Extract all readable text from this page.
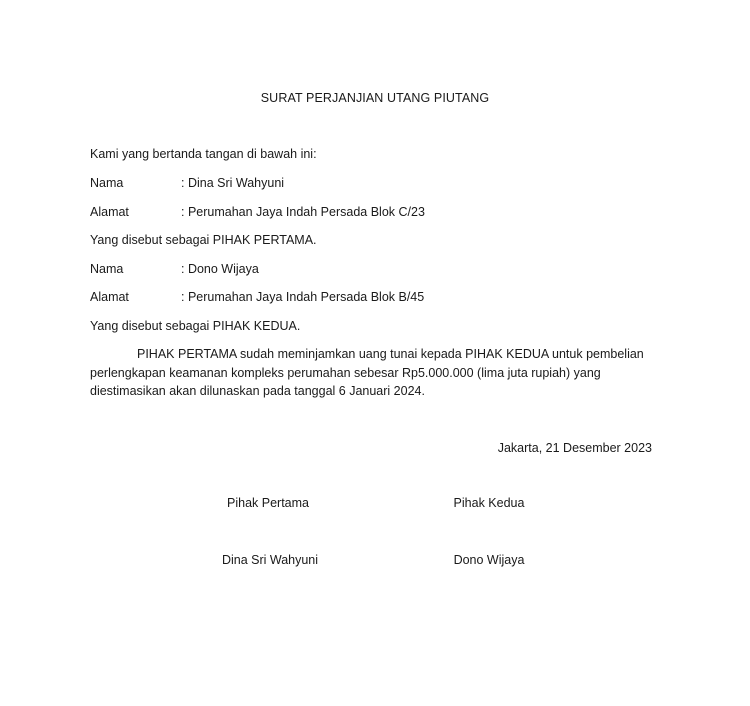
SURAT PERJANJIAN UTANG PIUTANG
Kami yang bertanda tangan di bawah ini:
Nama	: Dina Sri Wahyuni
Alamat	: Perumahan Jaya Indah Persada Blok C/23
Yang disebut sebagai PIHAK PERTAMA.
Nama	: Dono Wijaya
Alamat	: Perumahan Jaya Indah Persada Blok B/45
Yang disebut sebagai PIHAK KEDUA.
PIHAK PERTAMA sudah meminjamkan uang tunai kepada PIHAK KEDUA untuk pembelian perlengkapan keamanan kompleks perumahan sebesar Rp5.000.000 (lima juta rupiah) yang diestimasikan akan dilunaskan pada tanggal 6 Januari 2024.
Jakarta, 21 Desember 2023
Pihak Pertama	Pihak Kedua
Dina Sri Wahyuni	Dono Wijaya
